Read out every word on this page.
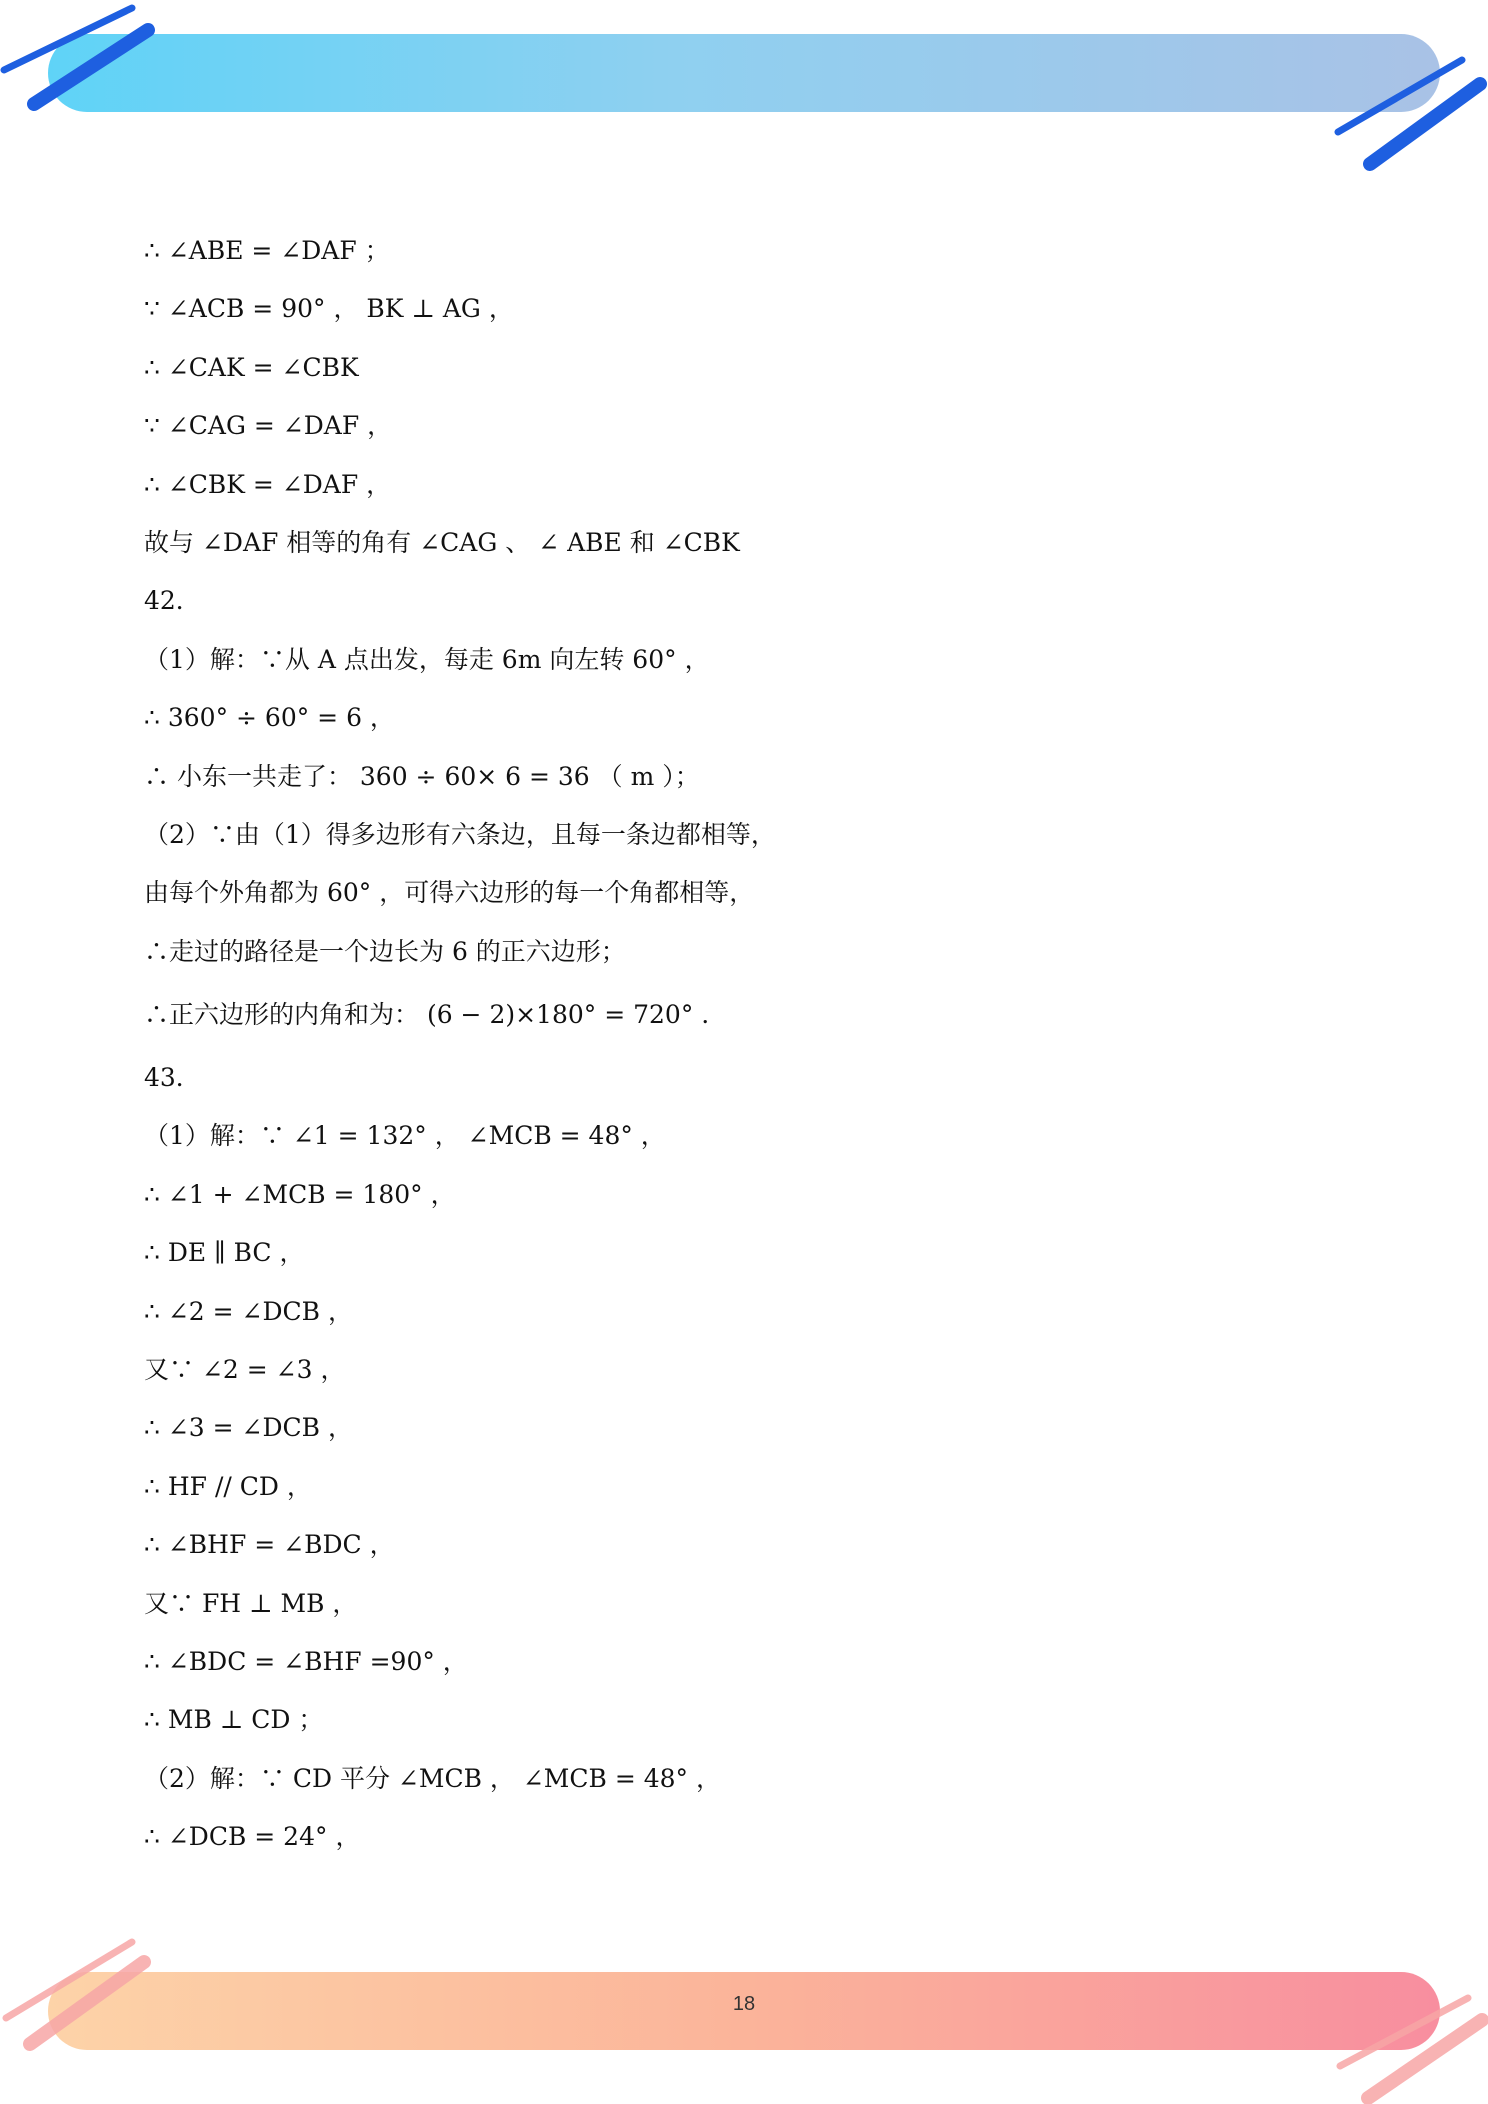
∴ ∠ABE = ∠DAF ；
∵ ∠ACB = 90° ， BK ⊥ AG ，
∴ ∠CAK = ∠CBK
∵ ∠CAG = ∠DAF ，
∴ ∠CBK = ∠DAF ，
故与 ∠DAF 相等的角有 ∠CAG 、 ∠ ABE 和 ∠CBK
42．
（1）解：∵从 A 点出发，每走 6m 向左转 60° ，
∴ 360° ÷ 60° = 6 ，
∴ 小东一共走了： 360 ÷ 60× 6 = 36 （ m ）；
（2）∵由（1）得多边形有六条边，且每一条边都相等，
由每个外角都为 60° ，可得六边形的每一个角都相等，
∴走过的路径是一个边长为 6 的正六边形；
∴正六边形的内角和为： (6 − 2)×180° = 720° .
43．
（1）解：∵ ∠1 = 132° ， ∠MCB = 48° ，
∴ ∠1 + ∠MCB = 180° ，
∴ DE ∥ BC ，
∴ ∠2 = ∠DCB ，
又∵ ∠2 = ∠3 ，
∴ ∠3 = ∠DCB ，
∴ HF // CD ，
∴ ∠BHF = ∠BDC ，
又∵ FH ⊥ MB ，
∴ ∠BDC = ∠BHF =90° ，
∴ MB ⊥ CD ；
（2）解：∵ CD 平分 ∠MCB ， ∠MCB = 48° ，
∴ ∠DCB = 24° ，
18
